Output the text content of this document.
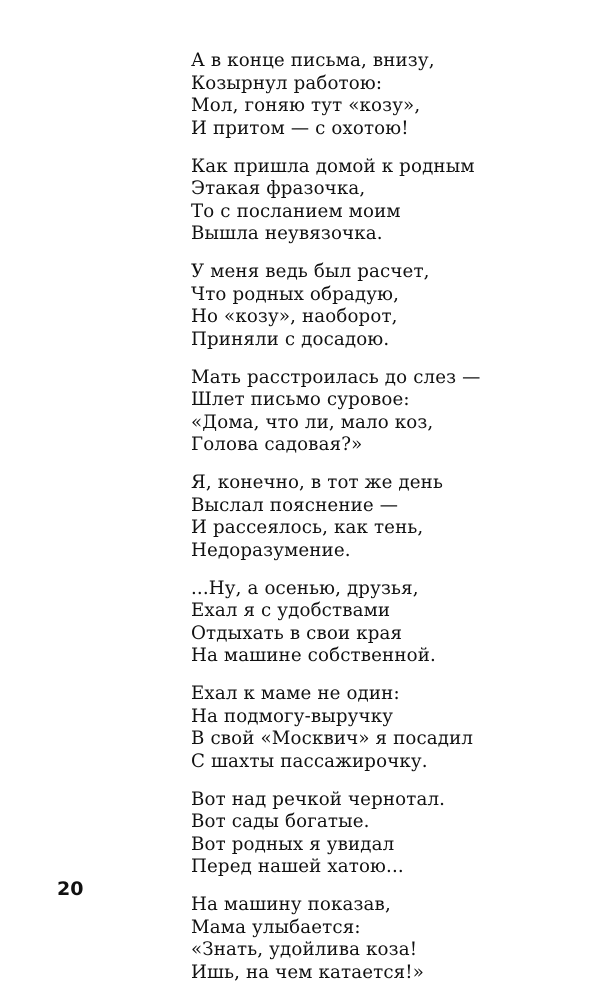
А в конце письма, внизу,
Козырнул работою:
Мол, гоняю тут «козу»,
И притом — с охотою!
Как пришла домой к родным
Этакая фразочка,
То с посланием моим
Вышла неувязочка.
У меня ведь был расчет,
Что родных обрадую,
Но «козу», наоборот,
Приняли с досадою.
Мать расстроилась до слез —
Шлет письмо суровое:
«Дома, что ли, мало коз,
Голова садовая?»
Я, конечно, в тот же день
Выслал пояснение —
И рассеялось, как тень,
Недоразумение.
...Ну, а осенью, друзья,
Ехал я с удобствами
Отдыхать в свои края
На машине собственной.
Ехал к маме не один:
На подмогу-выручку
В свой «Москвич» я посадил
С шахты пассажирочку.
Вот над речкой чернотал.
Вот сады богатые.
Вот родных я увидал
Перед нашей хатою...
На машину показав,
Мама улыбается:
«Знать, удойлива коза!
Ишь, на чем катается!»
20
